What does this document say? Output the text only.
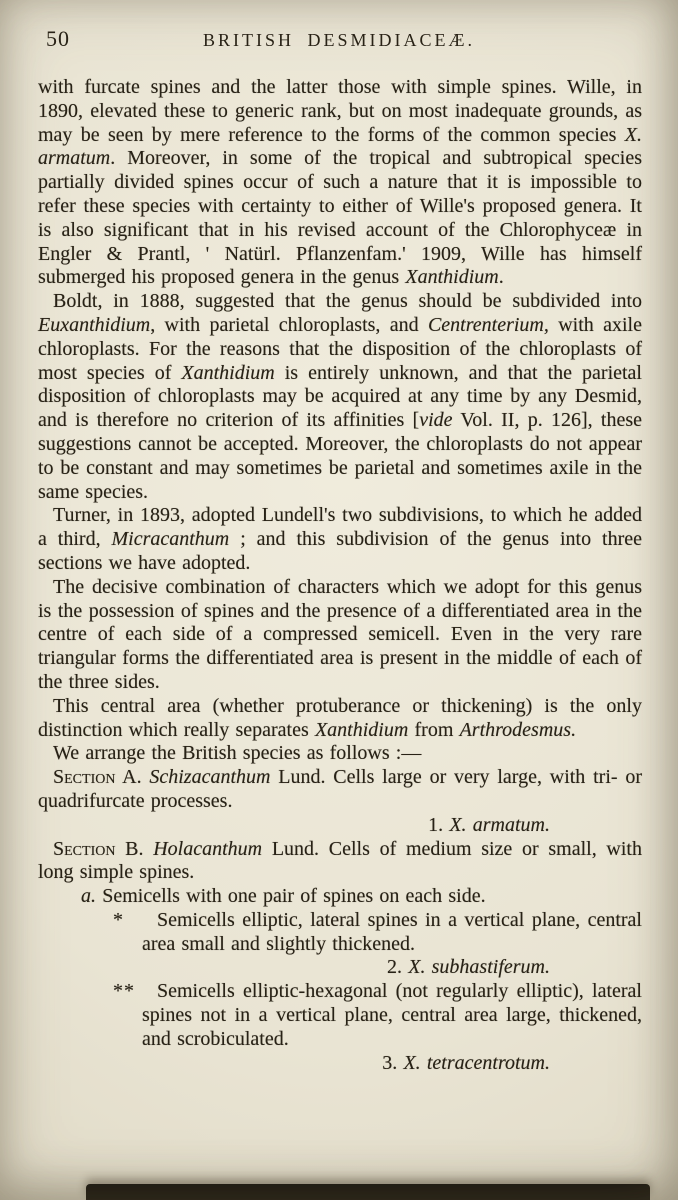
50	BRITISH DESMIDIACEÆ.

with furcate spines and the latter those with simple spines. Wille, in 1890, elevated these to generic rank, but on most inadequate grounds, as may be seen by mere reference to the forms of the common species X. armatum. Moreover, in some of the tropical and subtropical species partially divided spines occur of such a nature that it is impossible to refer these species with certainty to either of Wille's proposed genera. It is also significant that in his revised account of the Chlorophyceæ in Engler & Prantl, ' Natürl. Pflanzenfam.' 1909, Wille has himself submerged his proposed genera in the genus Xanthidium.

Boldt, in 1888, suggested that the genus should be subdivided into Euxanthidium, with parietal chloroplasts, and Centrenterium, with axile chloroplasts. For the reasons that the disposition of the chloroplasts of most species of Xanthidium is entirely unknown, and that the parietal disposition of chloroplasts may be acquired at any time by any Desmid, and is therefore no criterion of its affinities [vide Vol. II, p. 126], these suggestions cannot be accepted. Moreover, the chloroplasts do not appear to be constant and may sometimes be parietal and sometimes axile in the same species.

Turner, in 1893, adopted Lundell's two subdivisions, to which he added a third, Micracanthum ; and this subdivision of the genus into three sections we have adopted.

The decisive combination of characters which we adopt for this genus is the possession of spines and the presence of a differentiated area in the centre of each side of a compressed semicell. Even in the very rare triangular forms the differentiated area is present in the middle of each of the three sides.

This central area (whether protuberance or thickening) is the only distinction which really separates Xanthidium from Arthrodesmus.

We arrange the British species as follows :—

Section A. Schizacanthum Lund. Cells large or very large, with tri- or quadrifurcate processes.

1. X. armatum.

Section B. Holacanthum Lund. Cells of medium size or small, with long simple spines.

a. Semicells with one pair of spines on each side.

* Semicells elliptic, lateral spines in a vertical plane, central area small and slightly thickened.

2. X. subhastiferum.

** Semicells elliptic-hexagonal (not regularly elliptic), lateral spines not in a vertical plane, central area large, thickened, and scrobiculated.

3. X. tetracentrotum.
